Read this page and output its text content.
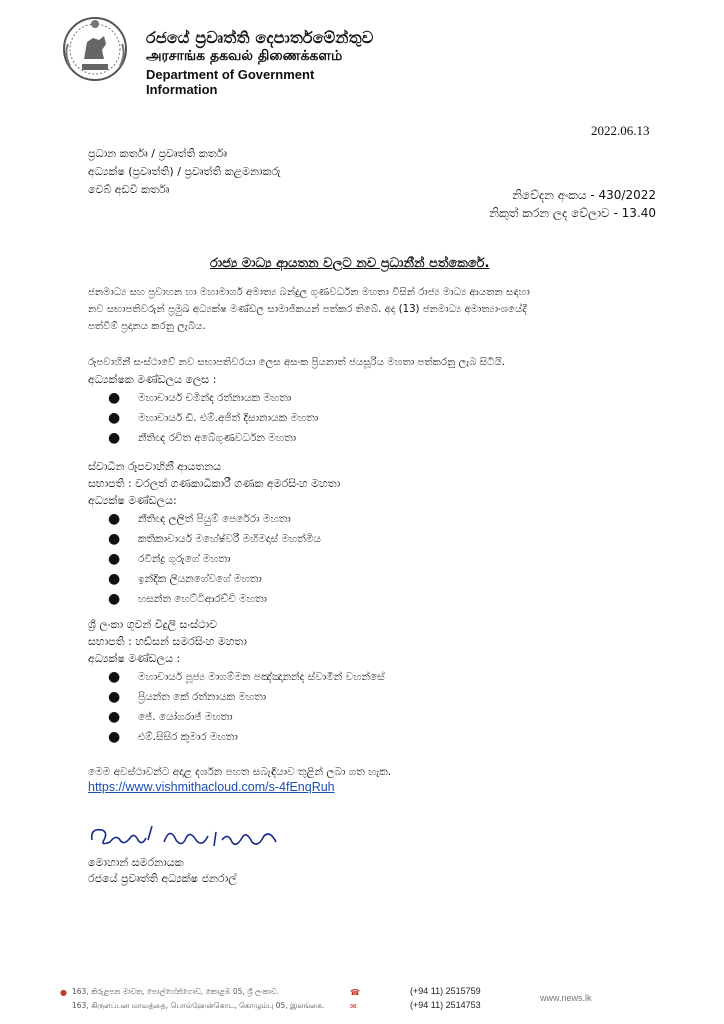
රජයේ ප්‍රවෘත්ති දෙපාර්තමේන්තුව
அரசாங்க தகவல் திணைக்களம்
Department of Government Information
2022.06.13
ප්‍රධාන කර්තෘ / ප්‍රවෘත්ති කර්තෘ
අධ්‍යක්ෂ (ප්‍රවෘත්ති) / ප්‍රවෘත්ති කළමනාකරු
වෙබ් අඩවි කර්තෘ	නිවේදන අංකය - 430/2022
නිකුත් කරන ලද වේලාව - 13.40
රාජ්‍ය මාධ්‍ය ආයතන වලට නව ප්‍රධානීන් පත්කෙරේ.
ජනමාධ්‍ය සහ ප්‍රවාහන හා මහාමාර්ග අමාත්‍ය බන්දුල ගුණවර්ධන මහතා විසින් රාජ්‍ය මාධ්‍ය ආයතන සඳහා
නව සභාපතිවරුන් ප්‍රමුඛ අධ්‍යක්ෂ මණ්ඩල සාමාජිකයන් පත්කර තිබේ. අද (13) ජනමාධ්‍ය අමාත්‍යාංශයේදී
පත්වීම් ප්‍රදානය කරනු ලැබිය.
රූපවාහිනී සංස්ථාවේ නව සභාපතිවරයා ලෙස අසංක ප්‍රියනාත් ජයසූරිය මහතා පත්කරනු ලැබ සිටියි.
අධ්‍යක්ෂක මණ්ඩලය ලෙස :
● මහාචාර්ය චමින්ද රත්නායක මහතා
● මහාචාර්ය ඩී. එම්.අජිත් දිසානායක මහතා
● නීතිඥ රචිත අබේගුණවර්ධන මහතා
ස්වාධීන රූපවාහිනී ආයතනය
සභාපති : වරලත් ගණකාධිකාරී ගණක අමරසිංහ මහතා
අධ්‍යක්ෂ මණ්ඩලය:
● නීතිඥ ලලිත් පියුම් පෙරේරා මහතා
● කතිකාචාර්ය මහේෂ්වරී මහිමදාස් මහත්මිය
● රවීන්ද්‍ර ගුරුගේ මහතා
● ඉන්දික ලියනගේවගේ මහතා
● හසන්ත හෙට්ටිආරච්චි මහතා
ශ්‍රී ලංකා ගුවන් විදුලි සංස්ථාව
සභාපති : හඩ්සන් සමරසිංහ මහතා
අධ්‍යක්ෂ මණ්ඩලය :
● මහාචාර්ය පූජ්‍ය මාගම්මන පඤ්ඤානන්ද ස්වාමීන් වහන්සේ
● ප්‍රියන්ත කේ රත්නායක මහතා
● ජේ. යෝගරාජ් මහතා
● එම්.සිසිර කුමාර මහතා
මෙම අවස්ථාවන්ට අදාළ දර්ශන පහත සබැඳියාව තුළින් ලබා ගත හැක.
https://www.vishmithacloud.com/s-4fEnqRuh
මොහාන් සමරනායක
රජයේ ප්‍රවෘත්ති අධ්‍යක්ෂ ජනරාල්
● 163, කිරුළපන මාවත, පොල්හේන්ගොඩ, කොළඹ 05, ශ්‍රී ලංකාව.
163, கிருளப்பன மாவத்தை, பொல்ஹேன்கொட, கொழும்பு 05, இலங்கை.
☎	(+94 11) 2515759
✉	(+94 11) 2514753
www.news.lk
